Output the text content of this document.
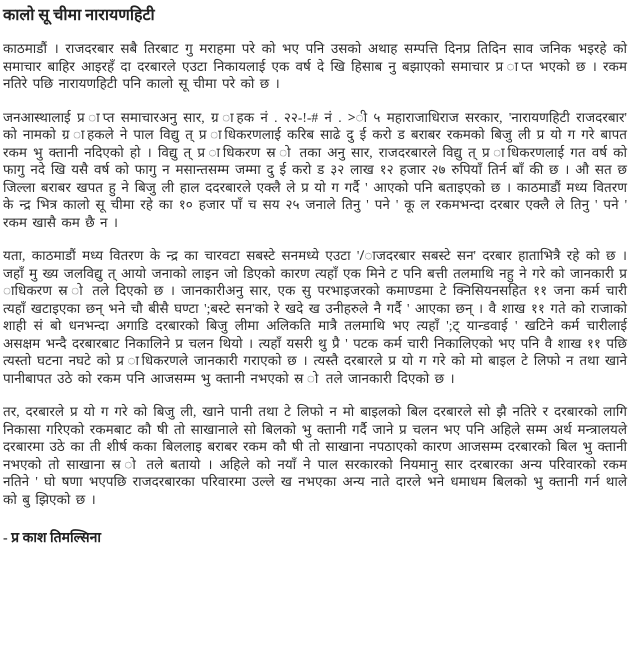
कालो सू चीमा नारायणहिटी

काठमाडौं । राजदरबार सबै तिरबाट गु मराहमा परे को भए पनि उसको अथाह सम्पत्ति दिनप्र तिदिन साव जनिक भइरहे को समाचार बाहिर आइरहँ दा दरबारले एउटा निकायलाई एक वर्ष दे खि हिसाब नु बझाएको समाचार प्र ाप्त भएको छ । रकम नतिरे पछि नारायणहिटी पनि कालो सू चीमा परे को छ ।

जनआस्थालाई प्र ाप्त समाचारअनु सार, ग्र ाहक नं . २२-!-# नं . >ी ५ महाराजाधिराज सरकार, 'नारायणहिटी राजदरबार' को नामको ग्र ाहकले ने पाल विद्यु त् प्र ाधिकरणलाई करिब साढे दु ई करो ड बराबर रकमको बिजु ली प्र यो ग गरे बापत रकम भु क्तानी नदिएको हो । विद्यु त् प्र ाधिकरण स्र ो तका अनु सार, राजदरबारले विद्यु त् प्र ाधिकरणलाई गत वर्ष को फागु नदे खि यसै वर्ष को फागु न मसान्तसम्म जम्मा दु ई करो ड ३२ लाख १२ हजार २७ रुपियाँ तिर्न बाँ की छ । औ सत छ जिल्ला बराबर खपत हु ने बिजु ली हाल ददरबारले एक्लै ले प्र यो ग गर्दै ' आएको पनि बताइएको छ । काठमाडौं मध्य वितरण के न्द्र भित्र कालो सू चीमा रहे का १० हजार पाँ च सय २५ जनाले तिनु ' पने ' कू ल रकमभन्दा दरबार एक्लै ले तिनु ' पने ' रकम खासै कम छै न ।

यता, काठमाडौं मध्य वितरण के न्द्र का चारवटा सबस्टे सनमध्ये एउटा '/ाजदरबार सबस्टे सन' दरबार हाताभित्रै रहे को छ । जहाँ मु ख्य जलविद्यु त् आयो जनाको लाइन जो डिएको कारण त्यहाँ एक मिने ट पनि बत्ती तलमाथि नहु ने गरे को जानकारी प्र ाधिकरण स्र ो तले दिएको छ । जानकारीअनु सार, एक सु परभाइजरको कमाण्डमा टे क्निसियनसहित ११ जना कर्म चारी त्यहाँ खटाइएका छन् भने चौ बीसै घण्टा ';बस्टे सन'को रे खदे ख उनीहरुले नै गर्दै ' आएका छन् । वै शाख ११ गते को राजाको शाही सं बो धनभन्दा अगाडि दरबारको बिजु लीमा अलिकति मात्रै तलमाथि भए त्यहाँ ';ट् यान्डवाई ' खटिने कर्म चारीलाई असक्षम भन्दै दरबारबाट निकालिने प्र चलन थियो । त्यहाँ यसरी थु प्रै ' पटक कर्म चारी निकालिएको भए पनि वै शाख ११ पछि त्यस्तो घटना नघटे को प्र ाधिकरणले जानकारी गराएको छ । त्यस्तै दरबारले प्र यो ग गरे को मो बाइल टे लिफो न तथा खाने पानीबापत उठे को रकम पनि आजसम्म भु क्तानी नभएको स्र ो तले जानकारी दिएको छ ।

तर, दरबारले प्र यो ग गरे को बिजु ली, खाने पानी तथा टे लिफो न मो बाइलको बिल दरबारले सो झै नतिरे र दरबारको लागि निकासा गरिएको रकमबाट कौ षी तो साखानाले सो बिलको भु क्तानी गर्दै जाने प्र चलन भए पनि अहिले सम्म अर्थ मन्त्रालयले दरबारमा उठे का ती शीर्ष कका बिललाइ बराबर रकम कौ षी तो साखाना नपठाएको कारण आजसम्म दरबारको बिल भु क्तानी नभएको तो साखाना स्र ो तले बतायो । अहिले को नयाँ ने पाल सरकारको नियमानु सार दरबारका अन्य परिवारको रकम नतिने ' घो षणा भएपछि राजदरबारका परिवारमा उल्ले ख नभएका अन्य नाते दारले भने धमाधम बिलको भु क्तानी गर्न थाले को बु झिएको छ ।

- प्र काश तिमल्सिना
